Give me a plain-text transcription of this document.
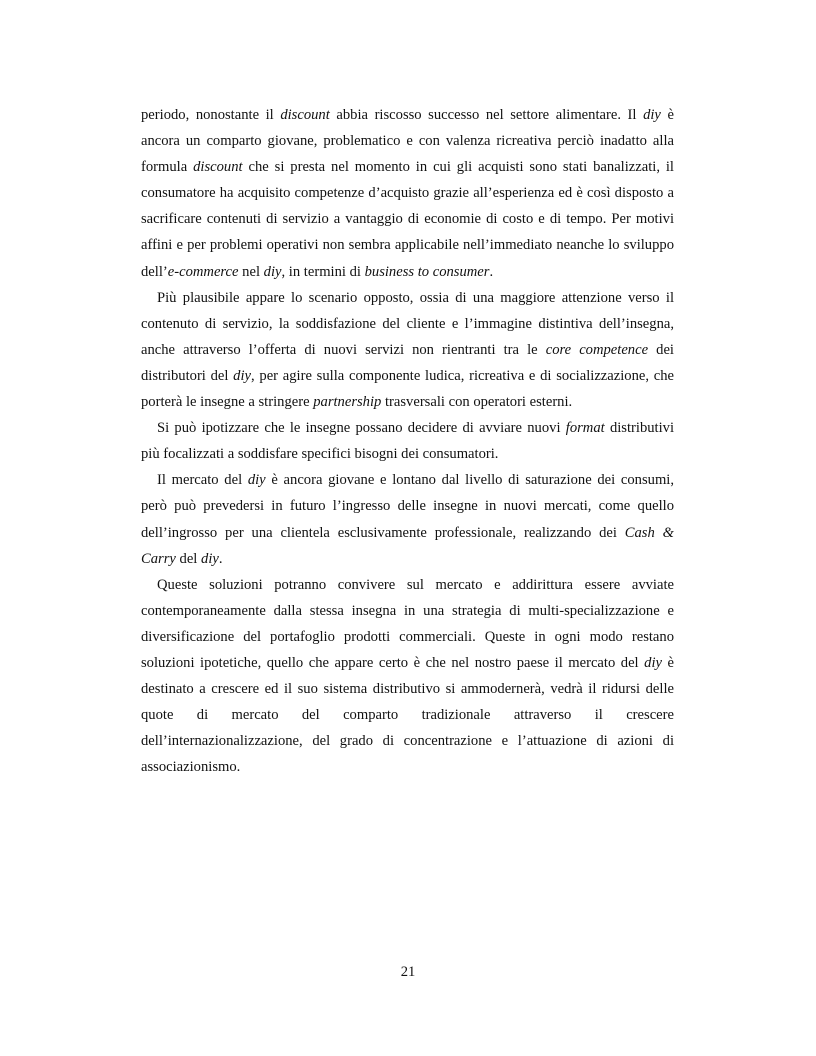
periodo, nonostante il discount abbia riscosso successo nel settore alimentare. Il diy è ancora un comparto giovane, problematico e con valenza ricreativa perciò inadatto alla formula discount che si presta nel momento in cui gli acquisti sono stati banalizzati, il consumatore ha acquisito competenze d’acquisto grazie all’esperienza ed è così disposto a sacrificare contenuti di servizio a vantaggio di economie di costo e di tempo. Per motivi affini e per problemi operativi non sembra applicabile nell’immediato neanche lo sviluppo dell’e-commerce nel diy, in termini di business to consumer.

Più plausibile appare lo scenario opposto, ossia di una maggiore attenzione verso il contenuto di servizio, la soddisfazione del cliente e l’immagine distintiva dell’insegna, anche attraverso l’offerta di nuovi servizi non rientranti tra le core competence dei distributori del diy, per agire sulla componente ludica, ricreativa e di socializzazione, che porterà le insegne a stringere partnership trasversali con operatori esterni.

Si può ipotizzare che le insegne possano decidere di avviare nuovi format distributivi più focalizzati a soddisfare specifici bisogni dei consumatori.

Il mercato del diy è ancora giovane e lontano dal livello di saturazione dei consumi, però può prevedersi in futuro l’ingresso delle insegne in nuovi mercati, come quello dell’ingrosso per una clientela esclusivamente professionale, realizzando dei Cash & Carry del diy.

Queste soluzioni potranno convivere sul mercato e addirittura essere avviate contemporaneamente dalla stessa insegna in una strategia di multi-specializzazione e diversificazione del portafoglio prodotti commerciali. Queste in ogni modo restano soluzioni ipotetiche, quello che appare certo è che nel nostro paese il mercato del diy è destinato a crescere ed il suo sistema distributivo si ammodernerà, vedrà il ridursi delle quote di mercato del comparto tradizionale attraverso il crescere dell’internazionalizzazione, del grado di concentrazione e l’attuazione di azioni di associazionismo.

21
